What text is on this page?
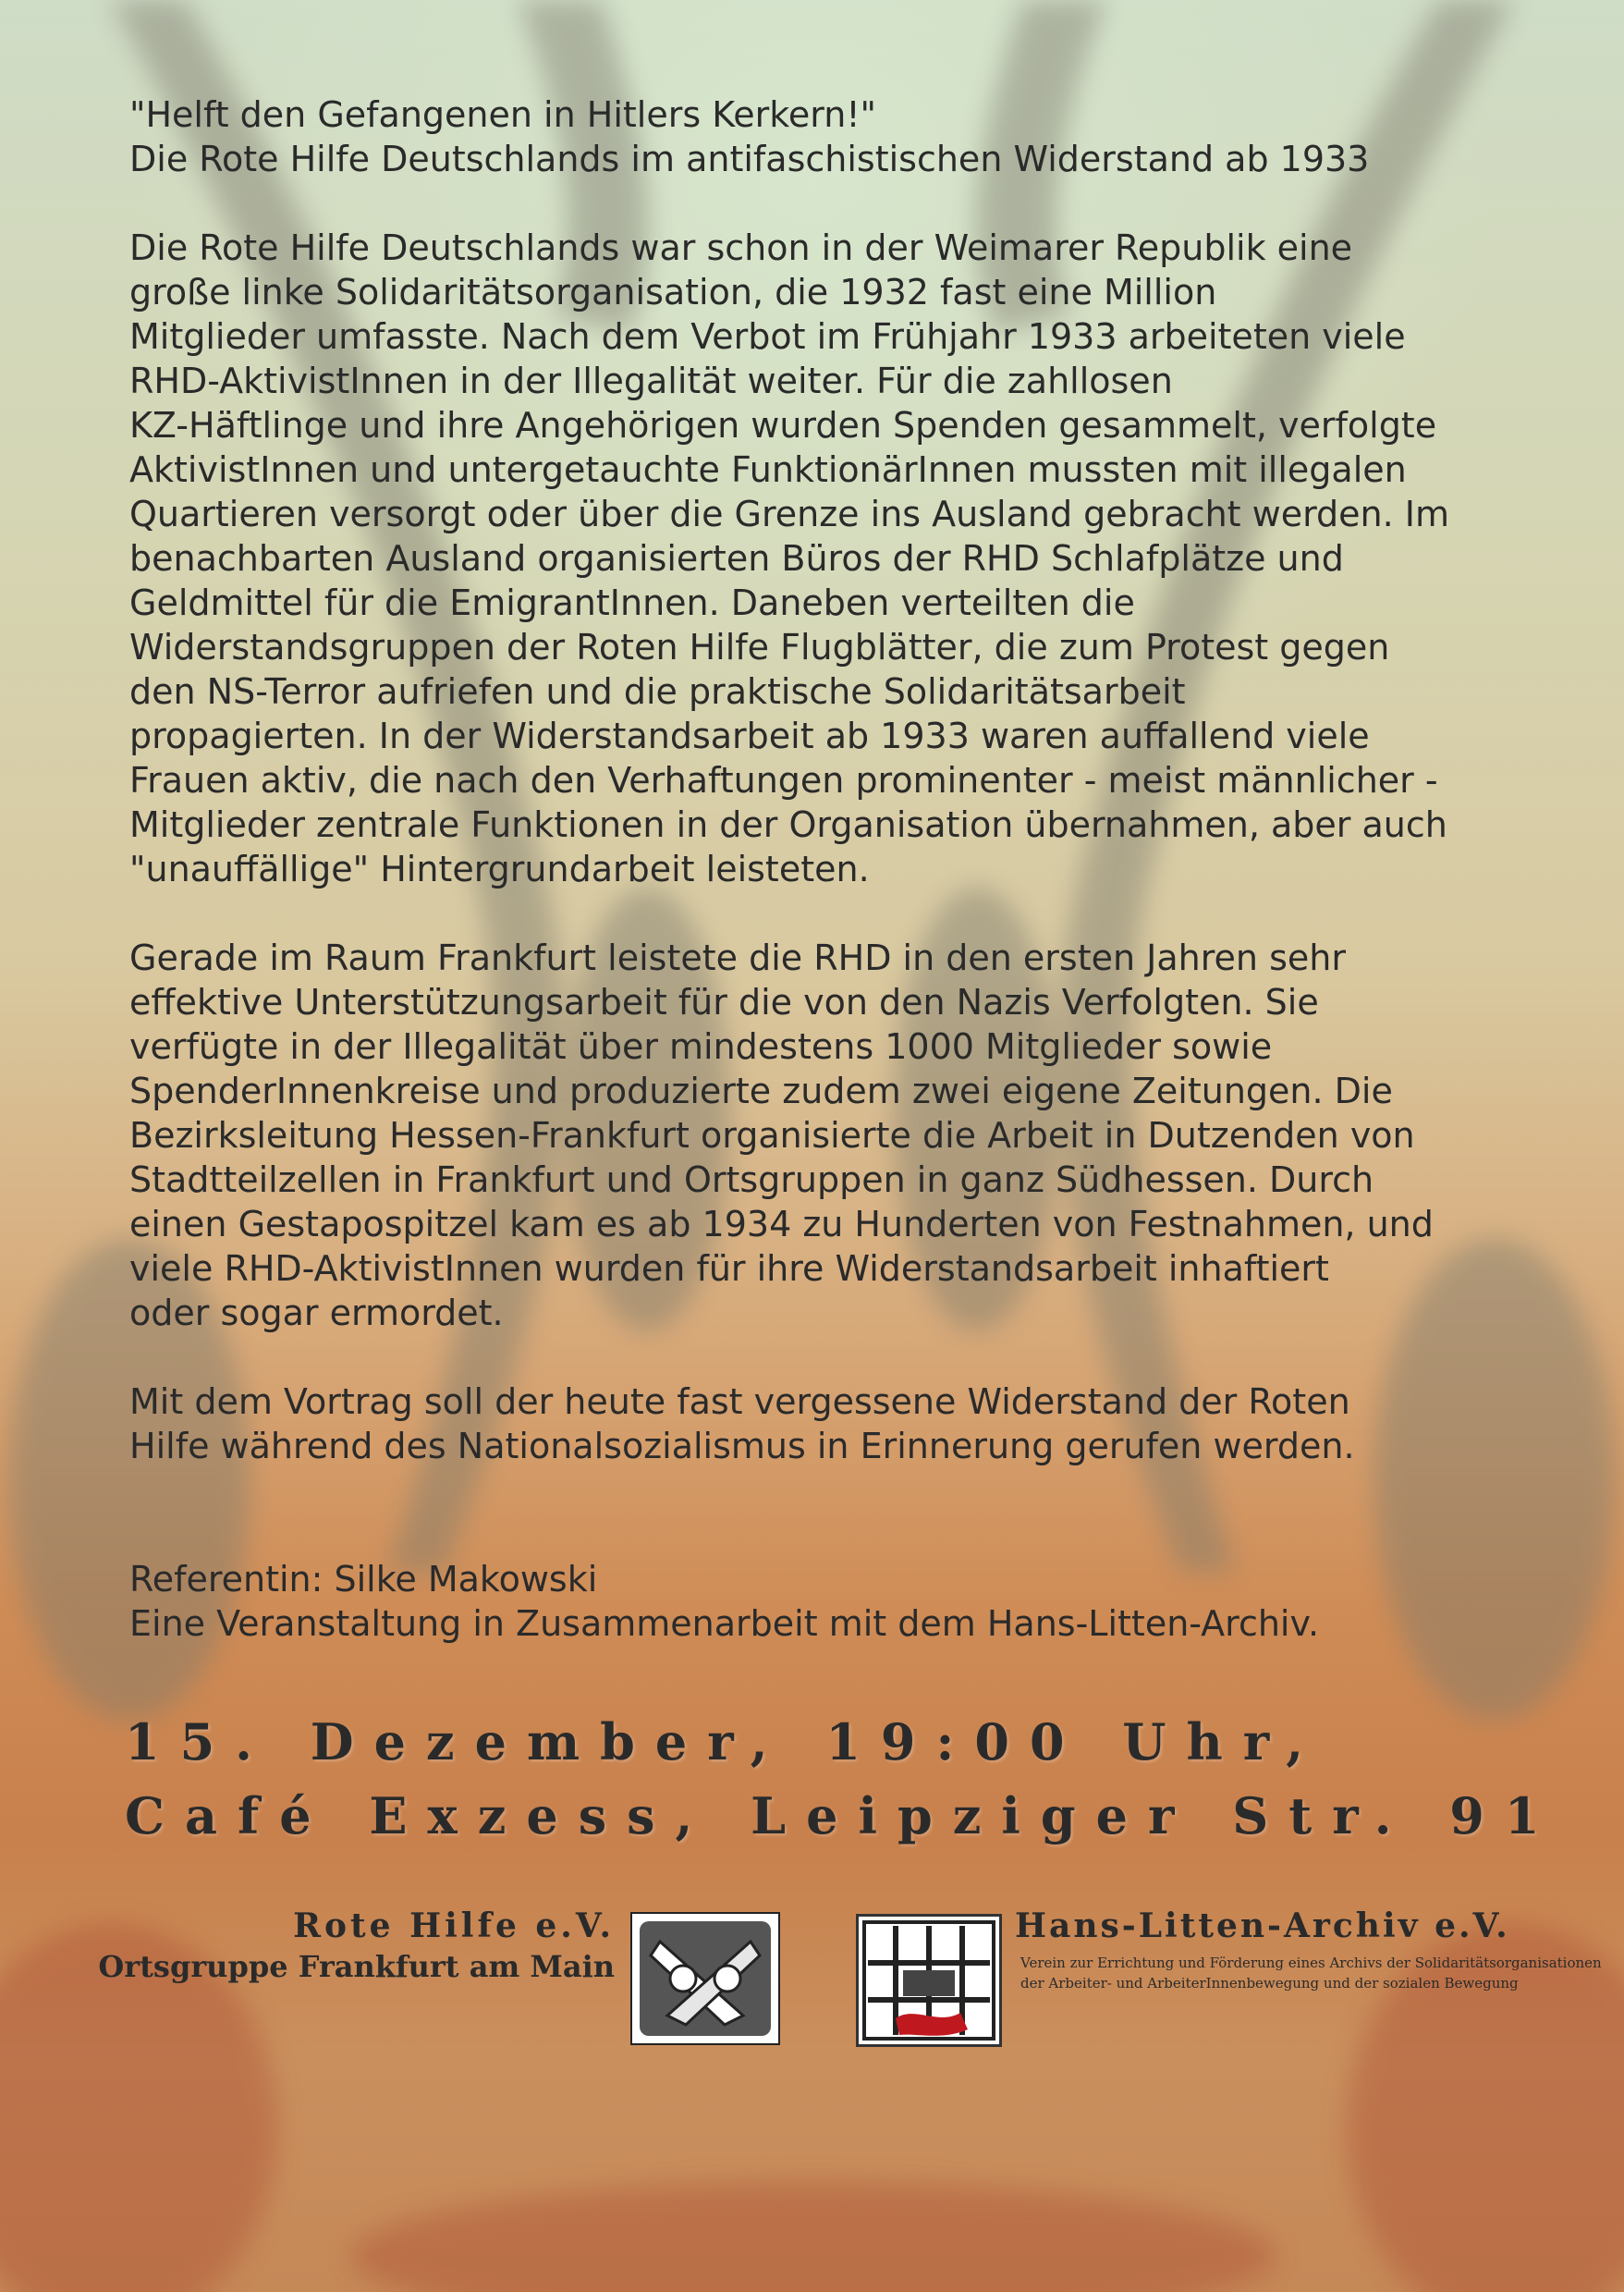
"Helft den Gefangenen in Hitlers Kerkern!"
Die Rote Hilfe Deutschlands im antifaschistischen Widerstand ab 1933
Die Rote Hilfe Deutschlands war schon in der Weimarer Republik eine
große linke Solidaritätsorganisation, die 1932 fast eine Million
Mitglieder umfasste. Nach dem Verbot im Frühjahr 1933 arbeiteten viele
RHD-AktivistInnen in der Illegalität weiter. Für die zahllosen
KZ-Häftlinge und ihre Angehörigen wurden Spenden gesammelt, verfolgte
AktivistInnen und untergetauchte FunktionärInnen mussten mit illegalen
Quartieren versorgt oder über die Grenze ins Ausland gebracht werden. Im
benachbarten Ausland organisierten Büros der RHD Schlafplätze und
Geldmittel für die EmigrantInnen. Daneben verteilten die
Widerstandsgruppen der Roten Hilfe Flugblätter, die zum Protest gegen
den NS-Terror aufriefen und die praktische Solidaritätsarbeit
propagierten. In der Widerstandsarbeit ab 1933 waren auffallend viele
Frauen aktiv, die nach den Verhaftungen prominenter - meist männlicher -
Mitglieder zentrale Funktionen in der Organisation übernahmen, aber auch
"unauffällige" Hintergrundarbeit leisteten.
Gerade im Raum Frankfurt leistete die RHD in den ersten Jahren sehr
effektive Unterstützungsarbeit für die von den Nazis Verfolgten. Sie
verfügte in der Illegalität über mindestens 1000 Mitglieder sowie
SpenderInnenkreise und produzierte zudem zwei eigene Zeitungen. Die
Bezirksleitung Hessen-Frankfurt organisierte die Arbeit in Dutzenden von
Stadtteilzellen in Frankfurt und Ortsgruppen in ganz Südhessen. Durch
einen Gestapospitzel kam es ab 1934 zu Hunderten von Festnahmen, und
viele RHD-AktivistInnen wurden für ihre Widerstandsarbeit inhaftiert
oder sogar ermordet.
Mit dem Vortrag soll der heute fast vergessene Widerstand der Roten
Hilfe während des Nationalsozialismus in Erinnerung gerufen werden.
Referentin: Silke Makowski
Eine Veranstaltung in Zusammenarbeit mit dem Hans-Litten-Archiv.
15. Dezember, 19:00 Uhr,
Café Exzess, Leipziger Str. 91
Rote Hilfe e.V.
Ortsgruppe Frankfurt am Main
Hans-Litten-Archiv e.V.
Verein zur Errichtung und Förderung eines Archivs der Solidaritätsorganisationen
der Arbeiter- und ArbeiterInnenbewegung und der sozialen Bewegung
